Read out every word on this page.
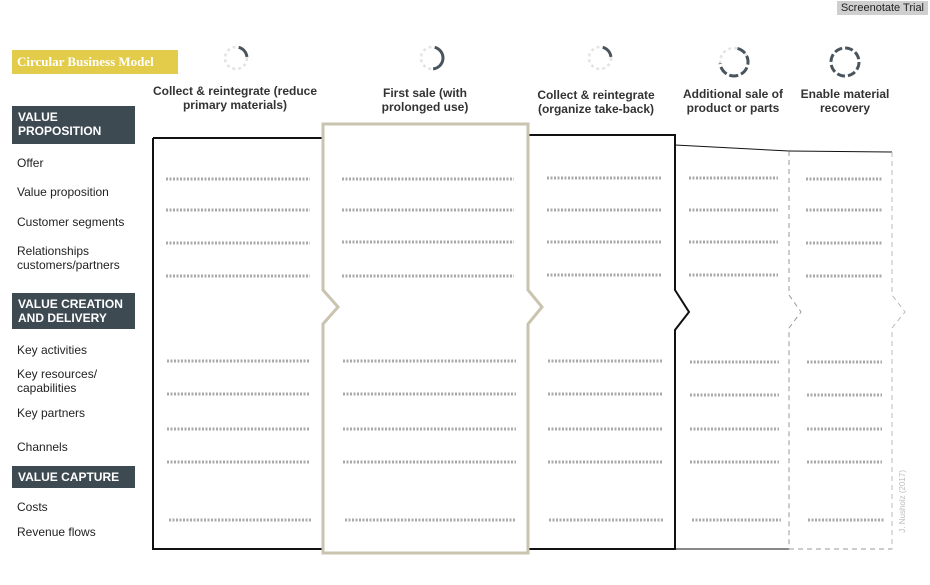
Screenotate Trial
Circular Business Model
VALUE PROPOSITION
VALUE CREATION AND DELIVERY
VALUE CAPTURE
Offer
Value proposition
Customer segments
Relationships customers/partners
Key activities
Key resources/ capabilities
Key partners
Channels
Costs
Revenue flows
Collect & reintegrate (reduce primary materials)
First sale (with prolonged use)
Collect & reintegrate (organize take-back)
Additional sale of product or parts
Enable material recovery
J. Nusholz (2017)
